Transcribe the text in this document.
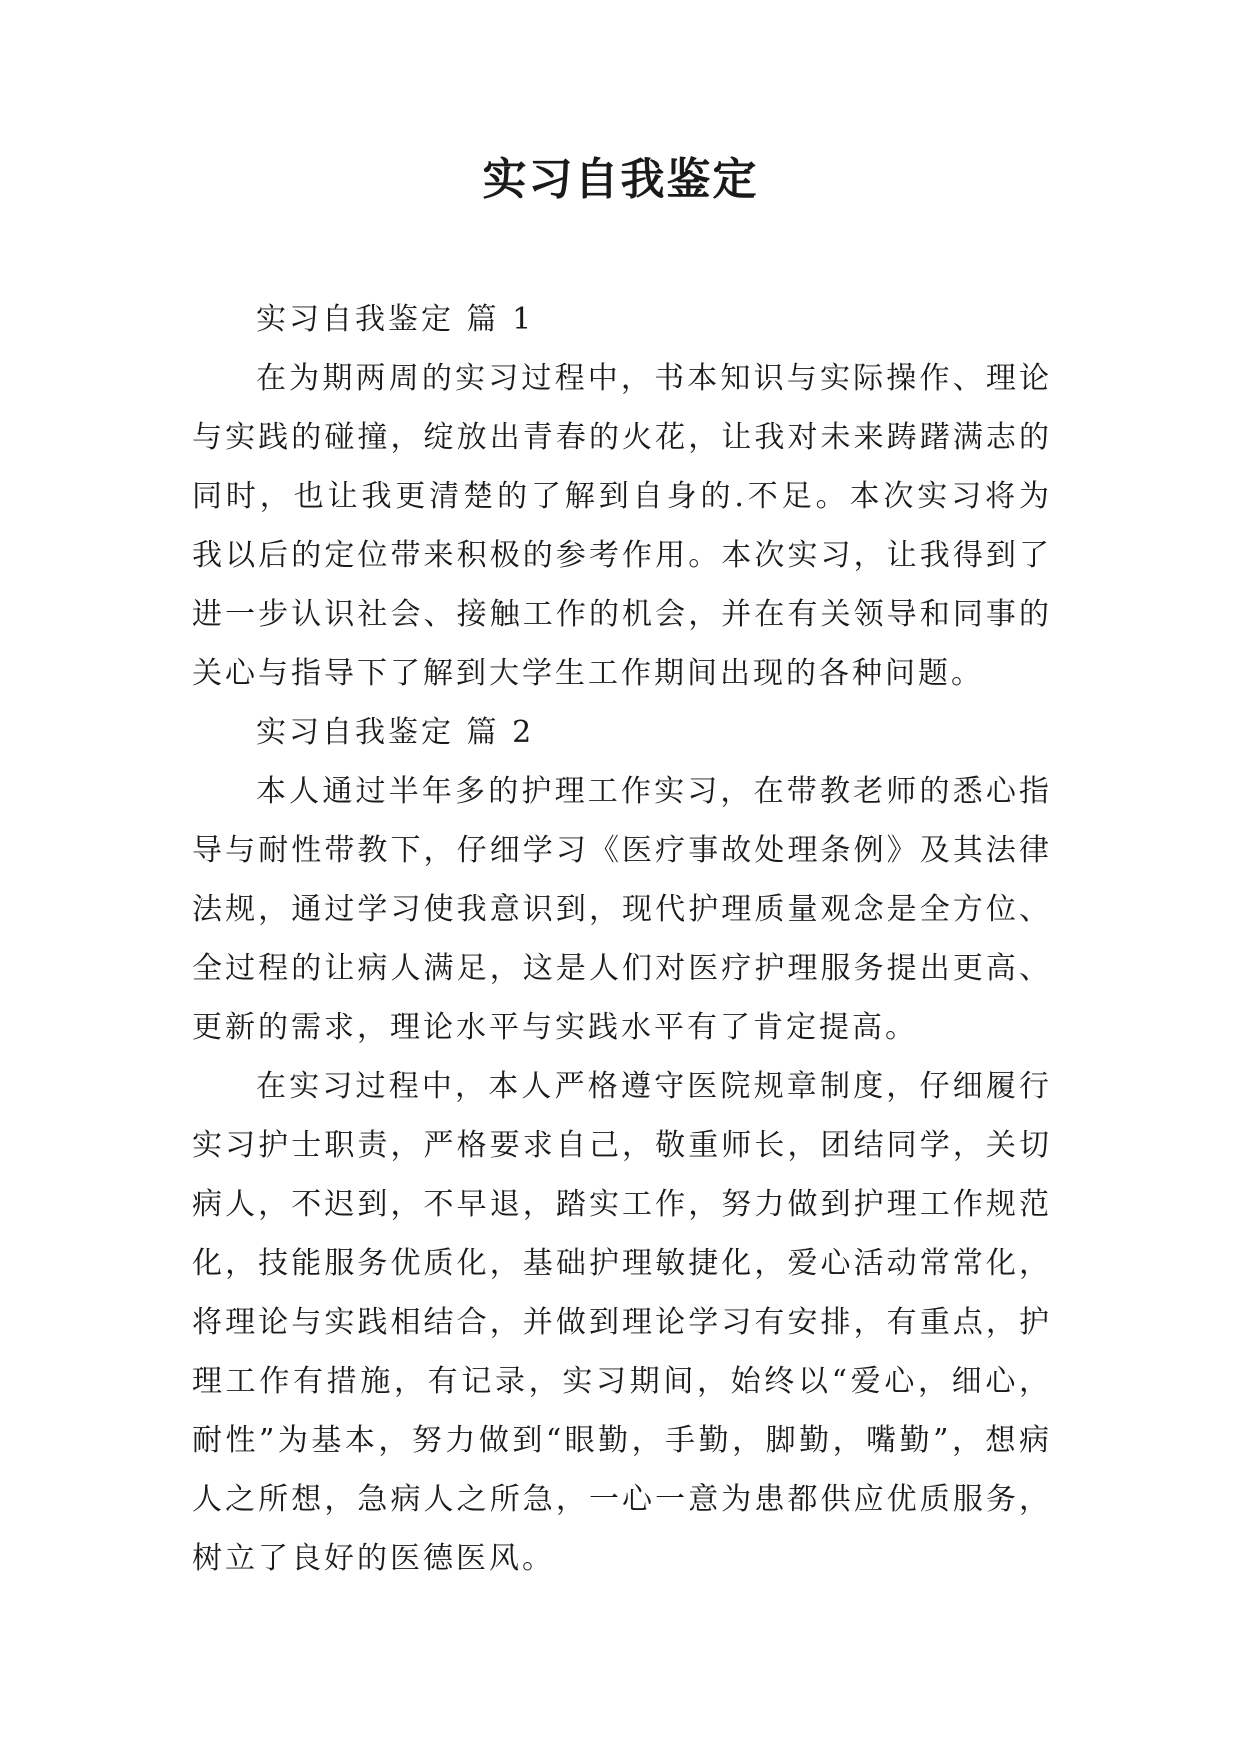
实习自我鉴定

实习自我鉴定 篇 1

在为期两周的实习过程中，书本知识与实际操作、理论与实践的碰撞，绽放出青春的火花，让我对未来踌躇满志的同时，也让我更清楚的了解到自身的.不足。本次实习将为我以后的定位带来积极的参考作用。本次实习，让我得到了进一步认识社会、接触工作的机会，并在有关领导和同事的关心与指导下了解到大学生工作期间出现的各种问题。

实习自我鉴定 篇 2

本人通过半年多的护理工作实习，在带教老师的悉心指导与耐性带教下，仔细学习《医疗事故处理条例》及其法律法规，通过学习使我意识到，现代护理质量观念是全方位、全过程的让病人满足，这是人们对医疗护理服务提出更高、更新的需求，理论水平与实践水平有了肯定提高。

在实习过程中，本人严格遵守医院规章制度，仔细履行实习护士职责，严格要求自己，敬重师长，团结同学，关切病人，不迟到，不早退，踏实工作，努力做到护理工作规范化，技能服务优质化，基础护理敏捷化，爱心活动常常化，将理论与实践相结合，并做到理论学习有安排，有重点，护理工作有措施，有记录，实习期间，始终以“爱心，细心，耐性”为基本，努力做到“眼勤，手勤，脚勤，嘴勤”，想病人之所想，急病人之所急，一心一意为患都供应优质服务，树立了良好的医德医风。
